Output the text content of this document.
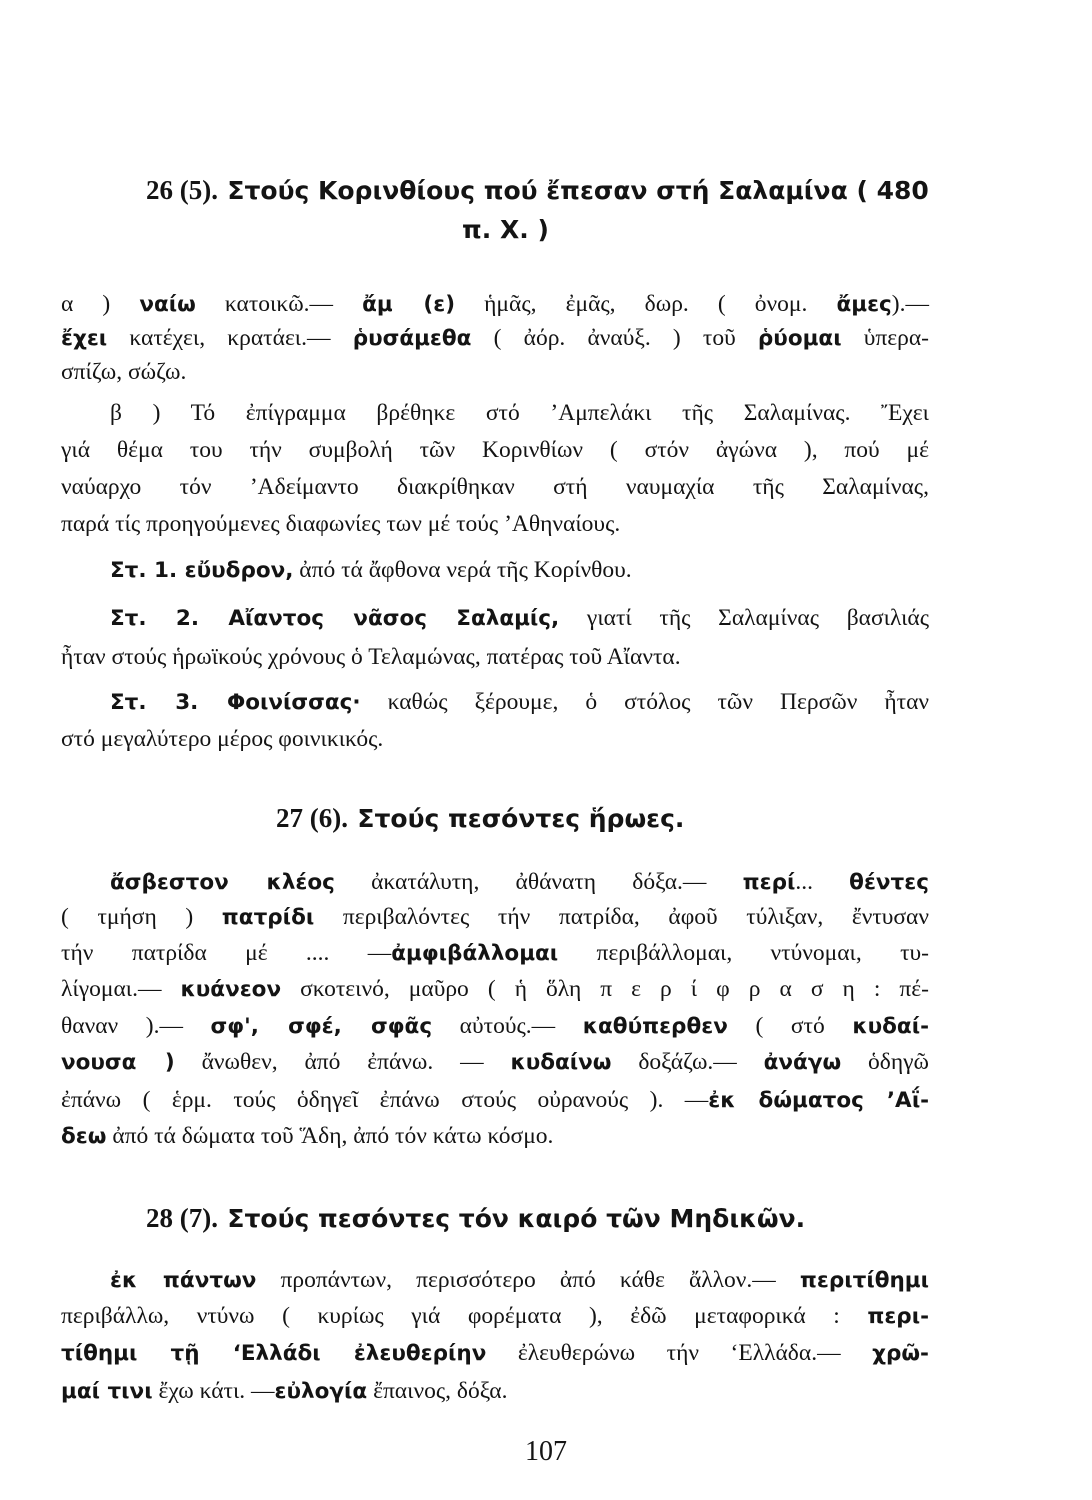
26 (5). Στούς Κορινθίους πού ἔπεσαν στή Σαλαμίνα ( 480
π. Χ. )

α ) ναίω κατοικῶ.— ἄμ (ε) ἡμᾶς, ἐμᾶς, δωρ. ( ὀνομ. ἄμες).—

ἔχει κατέχει, κρατάει.— ῥυσάμεθα ( ἀόρ. ἀναύξ. ) τοῦ ῥύομαι ὑπερα-

σπίζω, σώζω.

β ) Τό ἐπίγραμμα βρέθηκε στό ’Αμπελάκι τῆς Σαλαμίνας. Ἔχει

γιά θέμα του τήν συμβολή τῶν Κορινθίων ( στόν ἀγώνα ), πού μέ

ναύαρχο τόν ’Αδείμαντο διακρίθηκαν στή ναυμαχία τῆς Σαλαμίνας,

παρά τίς προηγούμενες διαφωνίες των μέ τούς ’Αθηναίους.

Στ. 1. εὔυδρον, ἀπό τά ἄφθονα νερά τῆς Κορίνθου.

Στ. 2. Αἴαντος νᾶσος Σαλαμίς, γιατί τῆς Σαλαμίνας βασιλιάς

ἦταν στούς ἡρωϊκούς χρόνους ὁ Τελαμώνας, πατέρας τοῦ Αἴαντα.

Στ. 3. Φοινίσσας· καθώς ξέρουμε, ὁ στόλος τῶν Περσῶν ἦταν

στό μεγαλύτερο μέρος φοινικικός.

27 (6). Στούς πεσόντες ἥρωες.

ἄσβεστον κλέος ἀκατάλυτη, ἀθάνατη δόξα.— περί... θέντες

( τμήση ) πατρίδι περιβαλόντες τήν πατρίδα, ἀφοῦ τύλιξαν, ἔντυσαν

τήν πατρίδα μέ .... —ἀμφιβάλλομαι περιβάλλομαι, ντύνομαι, τυ-

λίγομαι.— κυάνεον σκοτεινό, μαῦρο ( ἡ ὅλη π ε ρ ί φ ρ α σ η : πέ-

θαναν ).— σφ', σφέ, σφᾶς αὐτούς.— καθύπερθεν ( στό κυδαί-

νουσα ) ἄνωθεν, ἀπό ἐπάνω. — κυδαίνω δοξάζω.— ἀνάγω ὁδηγῶ

ἐπάνω ( ἑρμ. τούς ὁδηγεῖ ἐπάνω στούς οὐρανούς ). —ἐκ δώματος ’Αΐ-

δεω ἀπό τά δώματα τοῦ Ἅδη, ἀπό τόν κάτω κόσμο.

28 (7). Στούς πεσόντες τόν καιρό τῶν Μηδικῶν.

ἐκ πάντων προπάντων, περισσότερο ἀπό κάθε ἄλλον.— περιτίθημι

περιβάλλω, ντύνω ( κυρίως γιά φορέματα ), ἐδῶ μεταφορικά : περι-

τίθημι τῇ ‘Ελλάδι ἐλευθερίην ἐλευθερώνω τήν ‘Ελλάδα.— χρῶ-

μαί τινι ἔχω κάτι. —εὐλογία ἔπαινος, δόξα.

107
